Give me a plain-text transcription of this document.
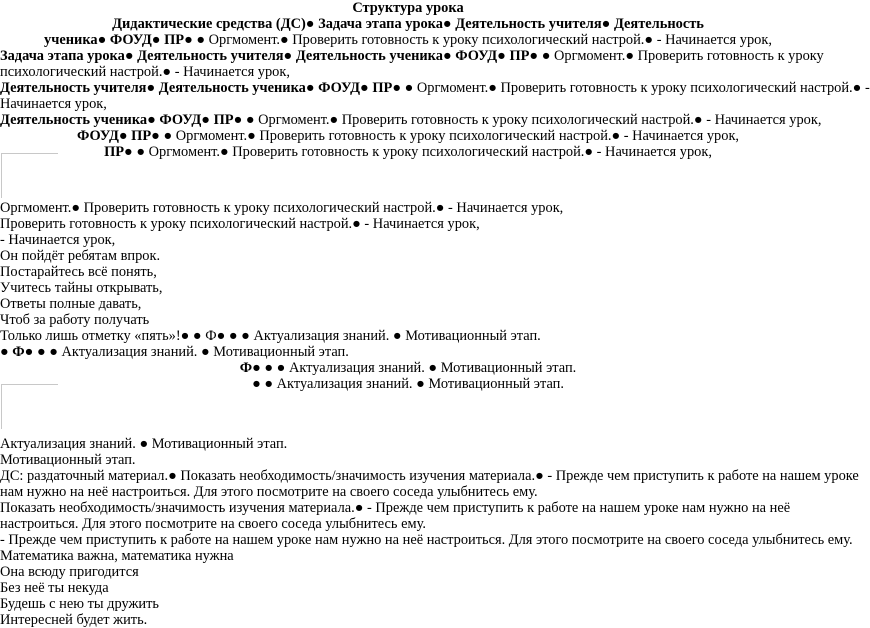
Структура урока
Дидактические средства (ДС)● Задача этапа урока● Деятельность учителя● Деятельность
ученика● ФОУД● ПР● ● Оргмомент.● Проверить готовность к уроку психологический настрой.● - Начинается урок,
Задача этапа урока● Деятельность учителя● Деятельность ученика● ФОУД● ПР● ● Оргмомент.● Проверить готовность к уроку
психологический настрой.● - Начинается урок,
Деятельность учителя● Деятельность ученика● ФОУД● ПР● ● Оргмомент.● Проверить готовность к уроку психологический настрой.● -
Начинается урок,
Деятельность ученика● ФОУД● ПР● ● Оргмомент.● Проверить готовность к уроку психологический настрой.● - Начинается урок,
ФОУД● ПР● ● Оргмомент.● Проверить готовность к уроку психологический настрой.● - Начинается урок,
ПР● ● Оргмомент.● Проверить готовность к уроку психологический настрой.● - Начинается урок,
Оргмомент.● Проверить готовность к уроку психологический настрой.● - Начинается урок,
Проверить готовность к уроку психологический настрой.● - Начинается урок,
- Начинается урок,
Он пойдёт ребятам впрок.
Постарайтесь всё понять,
Учитесь тайны открывать,
Ответы полные давать,
Чтоб за работу получать
Только лишь отметку «пять»!● ● Ф● ● ● Актуализация знаний. ● Мотивационный этап.
● Ф● ● ● Актуализация знаний. ● Мотивационный этап.
Ф● ● ● Актуализация знаний. ● Мотивационный этап.
● ● Актуализация знаний. ● Мотивационный этап.
Актуализация знаний. ● Мотивационный этап.
Мотивационный этап.
ДС: раздаточный материал.● Показать необходимость/значимость изучения материала.● - Прежде чем приступить к работе на нашем уроке
нам нужно на неё настроиться. Для этого посмотрите на своего соседа улыбнитесь ему.
Показать необходимость/значимость изучения материала.● - Прежде чем приступить к работе на нашем уроке нам нужно на неё
настроиться. Для этого посмотрите на своего соседа улыбнитесь ему.
- Прежде чем приступить к работе на нашем уроке нам нужно на неё настроиться. Для этого посмотрите на своего соседа улыбнитесь ему.
Математика важна, математика нужна
Она всюду пригодится
Без неё ты некуда
Будешь с нею ты дружить
Интересней будет жить.
